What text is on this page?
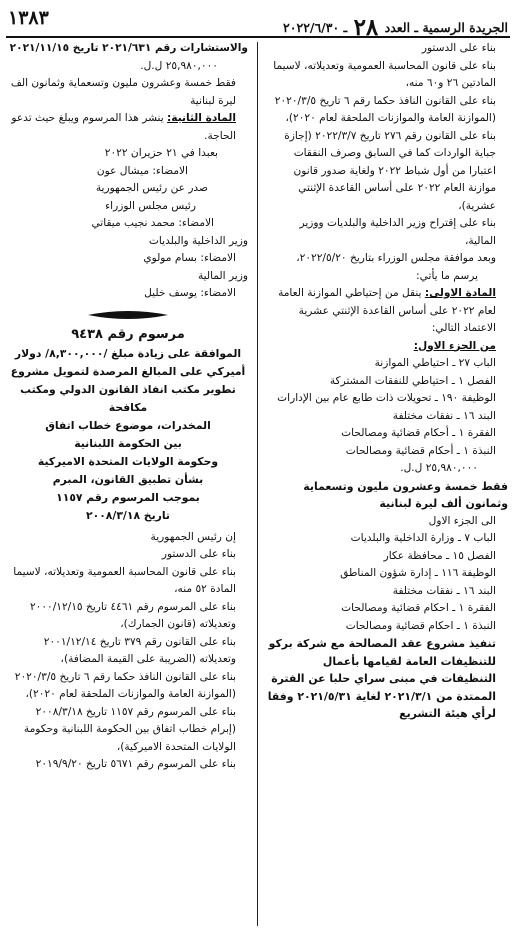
الجريدة الرسمية ـ العدد ٢٨ ـ ٢٠٢٢/٦/٣٠
١٣٨٣

بناء على الدستور

بناء على قانون المحاسبة العمومية وتعديلاته، لاسيما المادتين ٢٦ و٦٠ منه،

بناء على القانون النافذ حكما رقم ٦ تاريخ ٢٠٢٠/٣/٥ (الموازنة العامة والموازنات الملحقة لعام ٢٠٢٠)،

بناء على القانون رقم ٢٧٦ تاريخ ٢٠٢٢/٣/٧ (إجازة جباية الواردات كما في السابق وصرف النفقات اعتبارا من أول شباط ٢٠٢٢ ولغاية صدور قانون موازنة العام ٢٠٢٢ على أساس القاعدة الإثنتي عشرية)،

بناء على إقتراح وزير الداخلية والبلديات ووزير المالية،

وبعد موافقة مجلس الوزراء بتاريخ ٢٠٢٢/٥/٢٠،

يرسم ما يأتي:

المادة الاولى: ينقل من إحتياطي الموازنة العامة لعام ٢٠٢٢ على أساس القاعدة الإثنتي عشرية الاعتماد التالي:

من الجزء الاول:

الباب ٢٧ ـ احتياطي الموازنة

الفصل ١ ـ احتياطي للنفقات المشتركة

الوظيفة ١٩٠ ـ تحويلات ذات طابع عام بين الإدارات

البند ١٦ ـ نفقات مختلفة

الفقرة ١ ـ أحكام قضائية ومصالحات

النبذة ١ ـ أحكام قضائية ومصالحات

٢٥,٩٨٠,٠٠٠ ل.ل.

فقط خمسة وعشرون مليون وتسعماية وثمانون ألف ليرة لبنانية

الى الجزء الاول

الباب ٧ ـ وزارة الداخلية والبلديات

الفصل ١٥ ـ محافظة عكار

الوظيفة ١١٦ ـ إدارة شؤون المناطق

البند ١٦ ـ نفقات مختلفة

الفقرة ١ ـ احكام قضائية ومصالحات

النبذة ١ ـ احكام قضائية ومصالحات

تنفيذ مشروع عقد المصالحة مع شركة بركو للتنظيفات العامة لقيامها بأعمال التنظيفات في مبنى سراي حلبا عن الفترة الممتدة من ٢٠٢١/٣/١ لغاية ٢٠٢١/٥/٣١ وفقا لرأي هيئة التشريع

والاستشارات رقم ٢٠٢١/٦٣١ تاريخ ٢٠٢١/١١/١٥

٢٥,٩٨٠,٠٠٠ ل.ل.

فقط خمسة وعشرون مليون وتسعماية وثمانون الف ليرة لبنانية

المادة الثانية: ينشر هذا المرسوم ويبلغ حيث تدعو الحاجة.

بعبدا في ٢١ حزيران ٢٠٢٢

الامضاء: ميشال عون

صدر عن رئيس الجمهورية

رئيس مجلس الوزراء

الامضاء: محمد نجيب ميقاتي

وزير الداخلية والبلديات

الامضاء: بسام مولوي

وزير المالية

الامضاء: يوسف خليل

مرسوم رقم ٩٤٣٨

الموافقة على زيادة مبلغ /٨,٣٠٠,٠٠٠/ دولار

أميركي على المبالغ المرصدة لتمويل مشروع

تطوير مكتب انفاذ القانون الدولي ومكتب مكافحة

المخدرات، موضوع خطاب اتفاق

بين الحكومة اللبنانية

وحكومة الولايات المتحدة الاميركية

بشأن تطبيق القانون، المبرم

بموجب المرسوم رقم ١١٥٧

تاريخ ٢٠٠٨/٣/١٨

إن رئيس الجمهورية

بناء على الدستور

بناء على قانون المحاسبة العمومية وتعديلاته، لاسيما المادة ٥٢ منه،

بناء على المرسوم رقم ٤٤٦١ تاريخ ٢٠٠٠/١٢/١٥ وتعديلاته (قانون الجمارك)،

بناء على القانون رقم ٣٧٩ تاريخ ٢٠٠١/١٢/١٤ وتعديلاته (الضريبة على القيمة المضافة)،

بناء على القانون النافذ حكما رقم ٦ تاريخ ٢٠٢٠/٣/٥ (الموازنة العامة والموازنات الملحقة لعام ٢٠٢٠)،

بناء على المرسوم رقم ١١٥٧ تاريخ ٢٠٠٨/٣/١٨ (إبرام خطاب اتفاق بين الحكومة اللبنانية وحكومة الولايات المتحدة الاميركية)،

بناء على المرسوم رقم ٥٦٧١ تاريخ ٢٠١٩/٩/٢٠
